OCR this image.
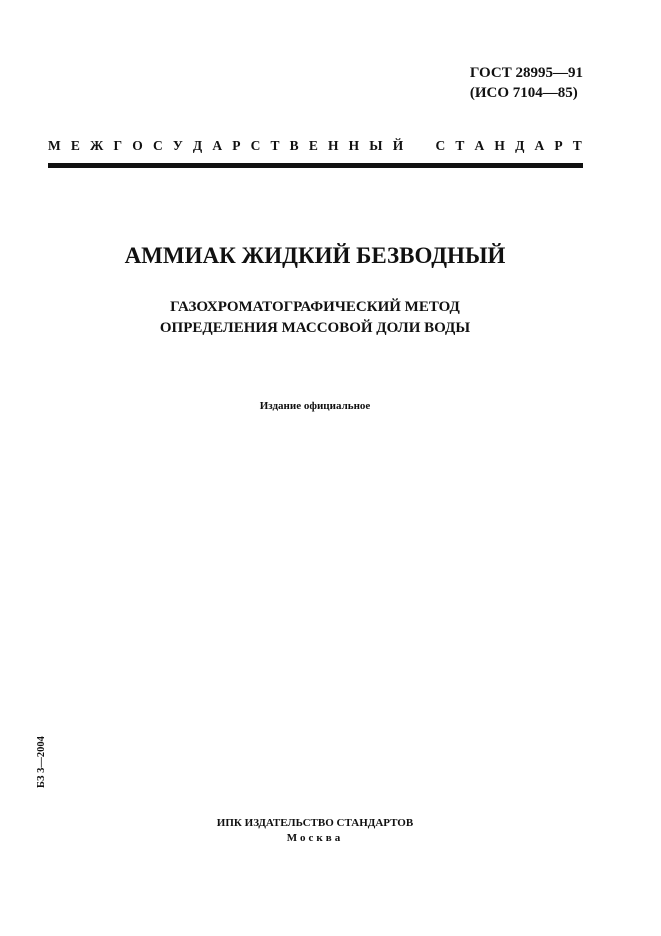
ГОСТ 28995—91
(ИСО 7104—85)
М Е Ж Г О С У Д А Р С Т В Е Н Н Ы Й С Т А Н Д А Р Т
АММИАК ЖИДКИЙ БЕЗВОДНЫЙ
ГАЗОХРОМАТОГРАФИЧЕСКИЙ МЕТОД
ОПРЕДЕЛЕНИЯ МАССОВОЙ ДОЛИ ВОДЫ
Издание официальное
БЗ 3—2004
ИПК ИЗДАТЕЛЬСТВО СТАНДАРТОВ
Москва
